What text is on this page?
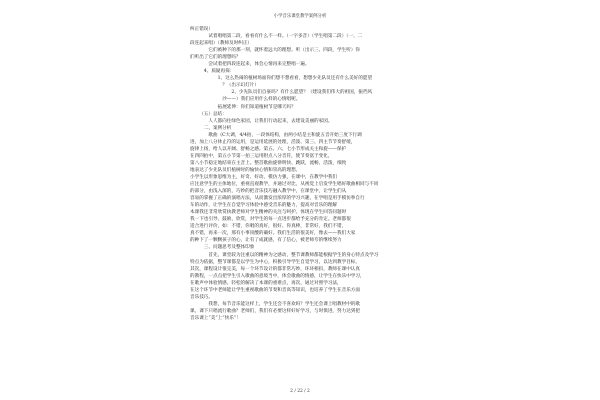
小学音乐课堂教学案例分析
纠正错误）
试着唱唱第二段，看看有什么不一样。（一字多音）（学生唱第二段）（一、二
段连起来唱）（教师及时纠正）
它们被种下的那一刻，就怀着远大的理想。听（出示三、四段，学生听）你
们听出了它们的理想吗？
尝试着把四段连起来，体会心情再来完整唱一遍。
4、质疑再探：
1、这么热闹的植树场面你们想不想看看，想想少先队员还有什么美好的愿望
？（出示幻灯片）
2、少先队员们自豪吗？有什么愿望？（建设我们伟大的祖国，振挡风
沙——）我们应用什么样的心情唱呢。
拓展延伸：你们知道植树节是哪天吗？
（五）总结：
人人都向往绿色家园，让我们行动起来，去建设美丽的家园。
二、案例分析
歌曲《C大调，4/4拍，一段体结构，由两小结是主和旋五音开始三度下行调
进，加上八分休止符的运用，是运用延展的处理，活泼、第三、四主节节奏舒缓，
旋律上扬，给人以开阔、舒畅之感。第五、六、七小节形成关主和旋——保护
在四四拍中，第五小节第一拍三运用附点八分音符，使节奏富于变化，
第八小节稳定地结束在主音上。整首歌曲旋律明快、跳跃，流畅，活泼，细致
地表达了少先队员们植树时的愉快心情和崇高的理想。
小学生以形象思维为主，好奇、好动、模仿力强，在课中，在教学中我们
应注意学生的主体地位，重视直观教学，并通过对比，从视觉上启发学生唱好歌曲相同与不同
的部分，由浅入深的，巧妙的把音乐技巧融入教学中，在课堂中，让学生们从
容易的掌握了正确的演唱方法，从而激发出浓厚的学习兴趣，在学唱是用手模仿拳自行
车的动作，让学生在自觉学习体验中感受音乐的魅力，提高对音乐的理解
本课我还非常欣赏执教老师对学生精神的关注与呵护。体现在学生回答问题时
我一下也引导、鼓励、欣赏，对学生的每一点进步都给予充分的肯定。老师都很
适合进行评价，如：不错，你唱的真好，很好、你真棒，非常好，我们不错，
真不错，再来一次，那有小事顶酸的确好。我们生活的很美好，像去——我们大家
的种下了一颗颗孩子的心，让有了成就感，有了信心，被老师夸的继续努力
三、问题思考及整体印象
首先，课堂较为注重以的精神为之感动，整节课教师都能根据学生的身心特点及学习
特点为依据，整节课都是以学生为中心，积极引导学生自觉学习，以达到教学目标，
其次，课程设计很完美，每一个环节设计的都非常巧妙，环环相扣，教师在课中认真
的教程，一点点把学生引入歌曲的意境当中，体会歌曲的情感，让学生在快乐中学习，
在歌声中体验情感。轻松的解决了本课的重难点，再次，通过对照学习法，
在这个环节中老师能让学生重视歌曲的节奏和音高等知识，也培养了学生在音乐方面
音乐技巧。
我想，每节音乐能这样上，学生还会不喜欢吗？学生还会课上唱教材中的歌
课。课下只唱流行歌曲？老师们，我们有必要这样好好学习，与时俱进，努力达到把
音乐课上“美”上“快乐”！
2 / 22 / 2
